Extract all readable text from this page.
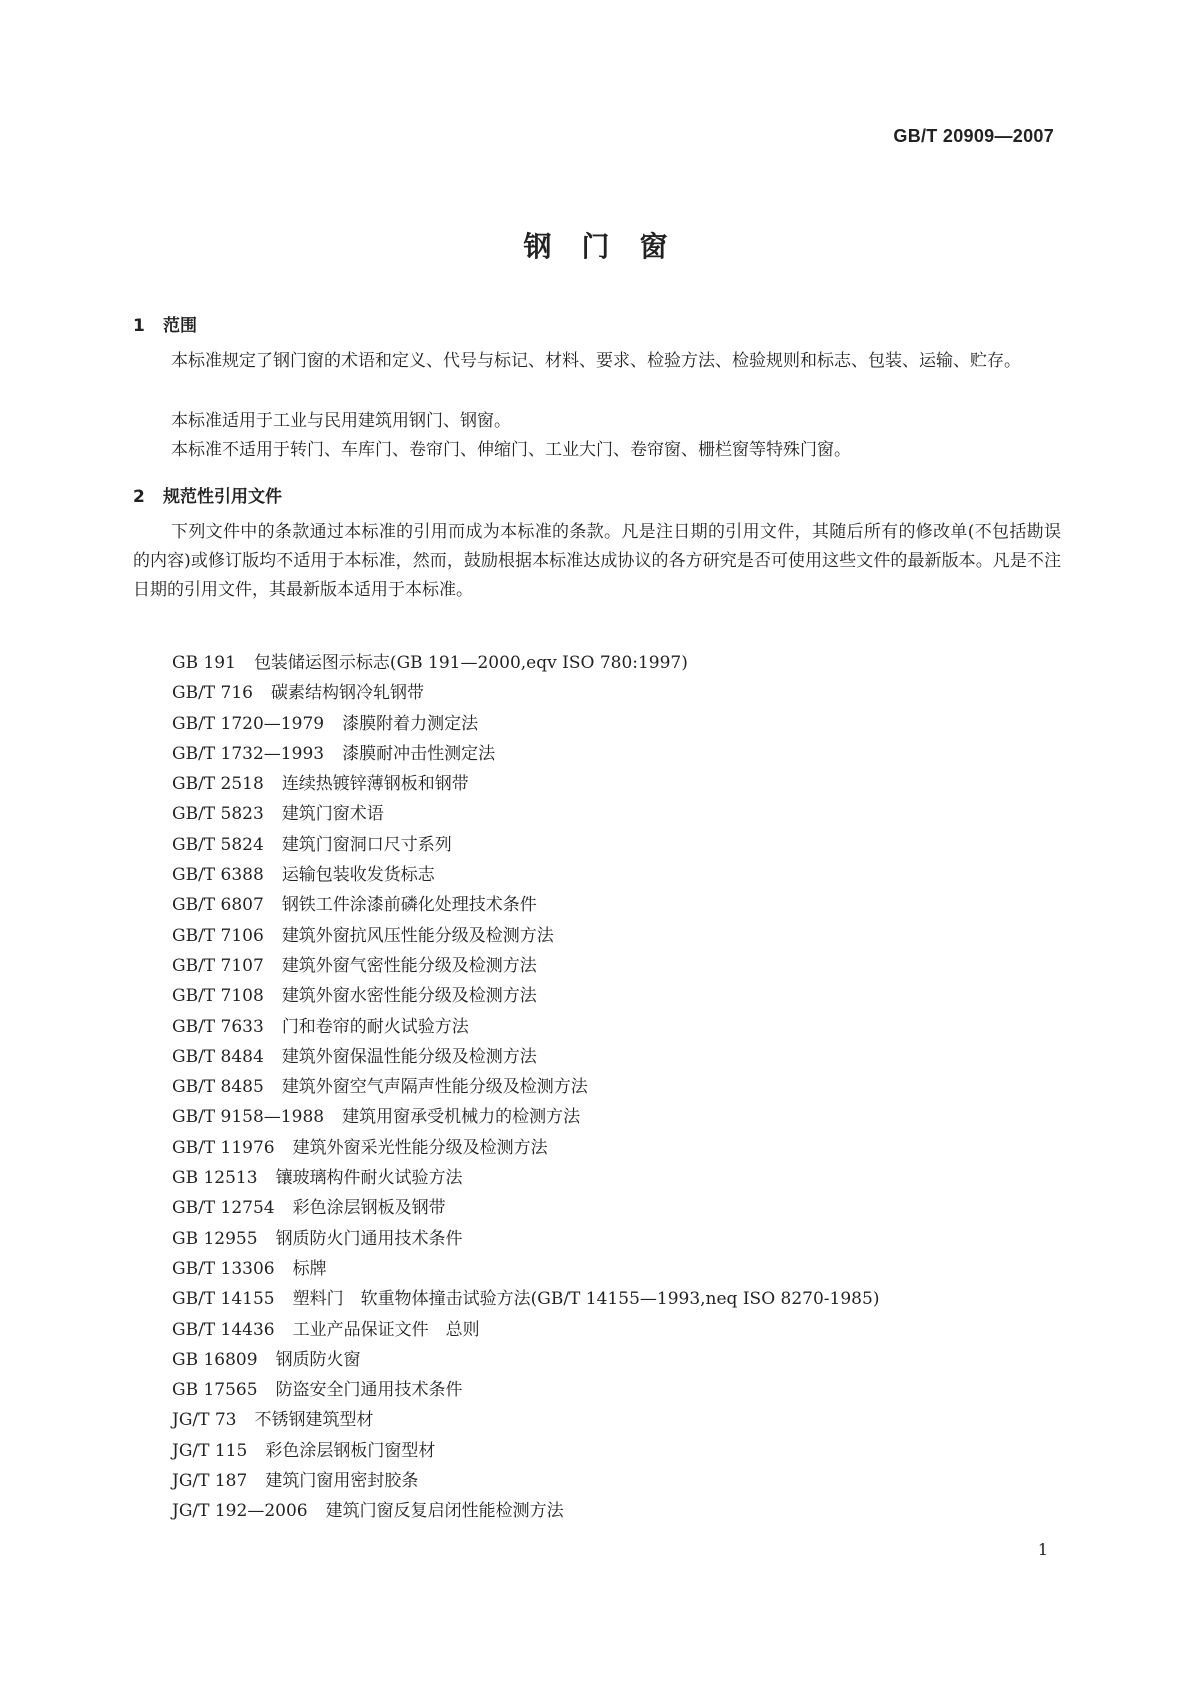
GB/T 20909—2007
钢门窗
1 范围

本标准规定了钢门窗的术语和定义、代号与标记、材料、要求、检验方法、检验规则和标志、包装、运输、贮存。

本标准适用于工业与民用建筑用钢门、钢窗。

本标准不适用于转门、车库门、卷帘门、伸缩门、工业大门、卷帘窗、栅栏窗等特殊门窗。

2 规范性引用文件

下列文件中的条款通过本标准的引用而成为本标准的条款。凡是注日期的引用文件，其随后所有的修改单(不包括勘误的内容)或修订版均不适用于本标准，然而，鼓励根据本标准达成协议的各方研究是否可使用这些文件的最新版本。凡是不注日期的引用文件，其最新版本适用于本标准。

GB 191 包装储运图示标志(GB 191—2000,eqv ISO 780:1997)
GB/T 716 碳素结构钢冷轧钢带
GB/T 1720—1979 漆膜附着力测定法
GB/T 1732—1993 漆膜耐冲击性测定法
GB/T 2518 连续热镀锌薄钢板和钢带
GB/T 5823 建筑门窗术语
GB/T 5824 建筑门窗洞口尺寸系列
GB/T 6388 运输包装收发货标志
GB/T 6807 钢铁工件涂漆前磷化处理技术条件
GB/T 7106 建筑外窗抗风压性能分级及检测方法
GB/T 7107 建筑外窗气密性能分级及检测方法
GB/T 7108 建筑外窗水密性能分级及检测方法
GB/T 7633 门和卷帘的耐火试验方法
GB/T 8484 建筑外窗保温性能分级及检测方法
GB/T 8485 建筑外窗空气声隔声性能分级及检测方法
GB/T 9158—1988 建筑用窗承受机械力的检测方法
GB/T 11976 建筑外窗采光性能分级及检测方法
GB 12513 镶玻璃构件耐火试验方法
GB/T 12754 彩色涂层钢板及钢带
GB 12955 钢质防火门通用技术条件
GB/T 13306 标牌
GB/T 14155 塑料门　软重物体撞击试验方法(GB/T 14155—1993,neq ISO 8270-1985)
GB/T 14436 工业产品保证文件　总则
GB 16809 钢质防火窗
GB 17565 防盗安全门通用技术条件
JG/T 73 不锈钢建筑型材
JG/T 115 彩色涂层钢板门窗型材
JG/T 187 建筑门窗用密封胶条
JG/T 192—2006 建筑门窗反复启闭性能检测方法
1
